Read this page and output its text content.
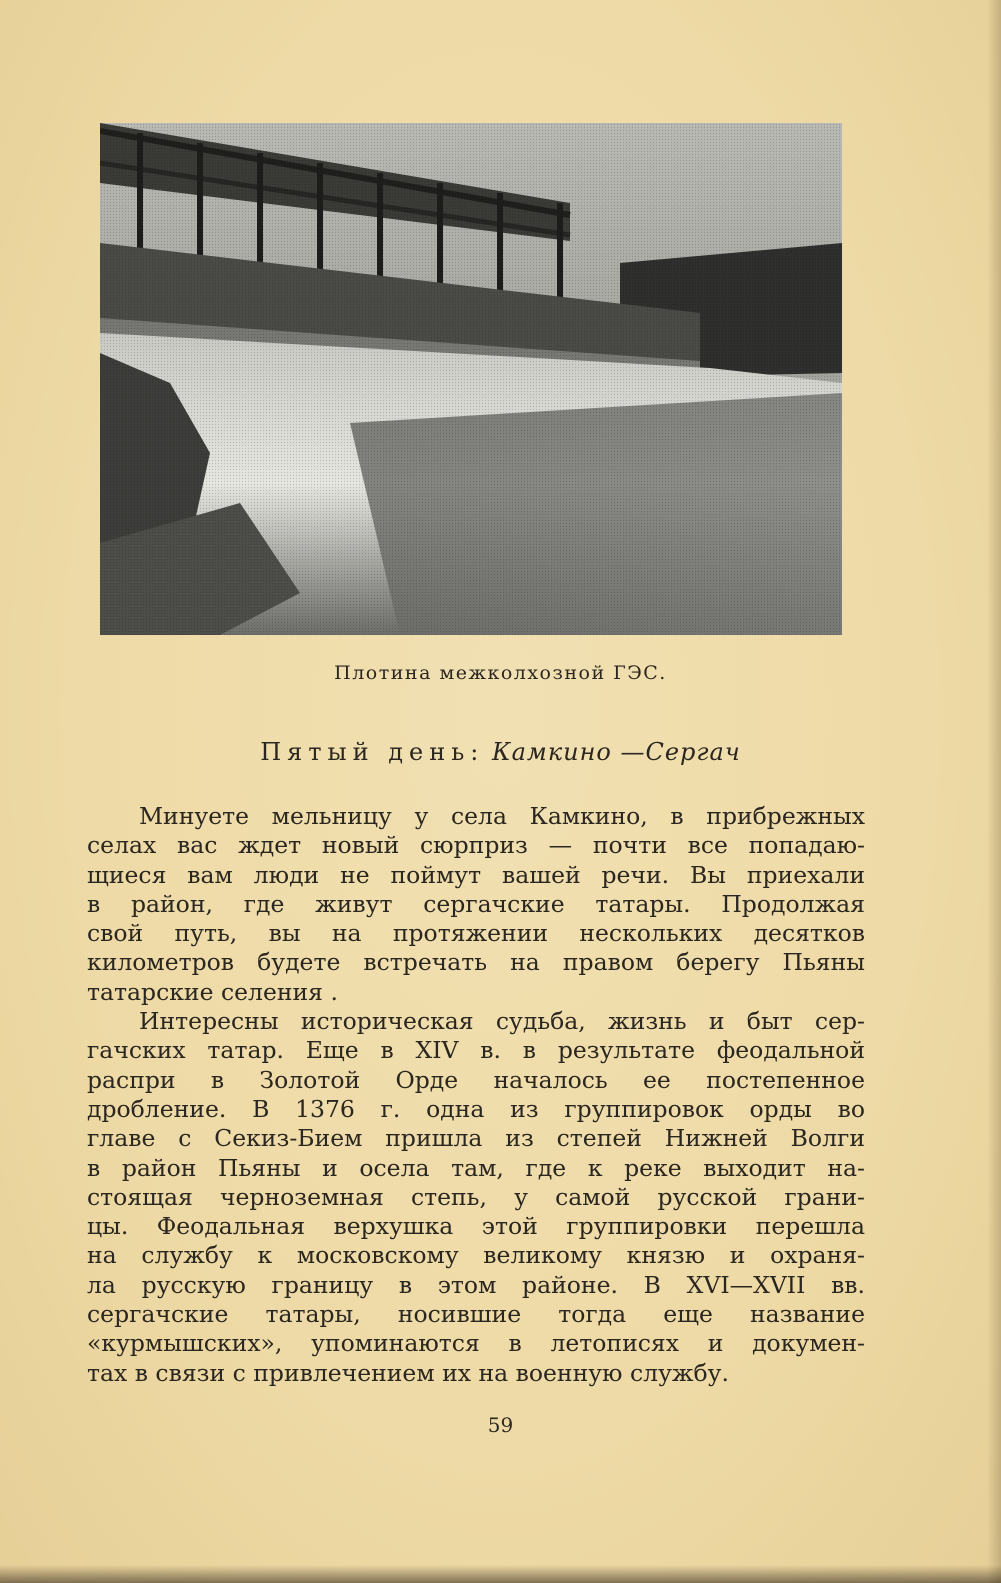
Плотина межколхозной ГЭС.
Пятый день: Камкино —Сергач
Минуете мельницу у села Камкино, в прибрежных
селах вас ждет новый сюрприз — почти все попадаю-
щиеся вам люди не поймут вашей речи. Вы приехали
в район, где живут сергачские татары. Продолжая
свой путь, вы на протяжении нескольких десятков
километров будете встречать на правом берегу Пьяны
татарские селения .
Интересны историческая судьба, жизнь и быт сер-
гачских татар. Еще в XIV в. в результате феодальной
распри в Золотой Орде началось ее постепенное
дробление. В 1376 г. одна из группировок орды во
главе с Секиз-Бием пришла из степей Нижней Волги
в район Пьяны и осела там, где к реке выходит на-
стоящая черноземная степь, у самой русской грани-
цы. Феодальная верхушка этой группировки перешла
на службу к московскому великому князю и охраня-
ла русскую границу в этом районе. В XVI—XVII вв.
сергачские татары, носившие тогда еще название
«курмышских», упоминаются в летописях и докумен-
тах в связи с привлечением их на военную службу.
59
